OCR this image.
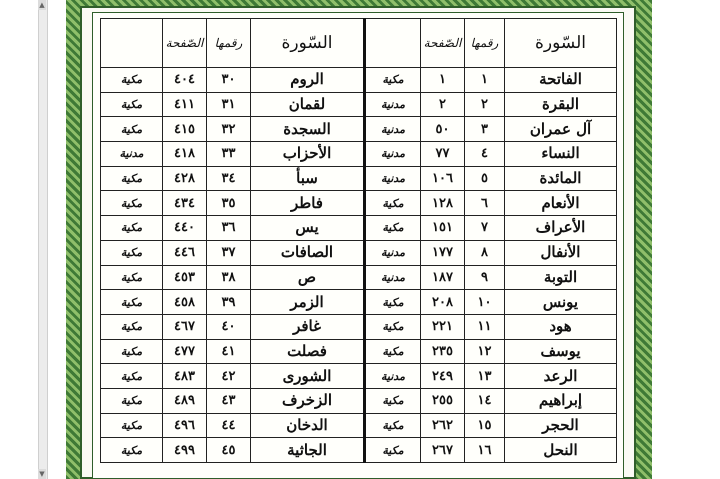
▲
▼
	الصّفحة	رقمها	السّورة		الصّفحة	رقمها	السّورة
مكية	٤٠٤	٣٠	الروم	مكية	١	١	الفاتحة
مكية	٤١١	٣١	لقمان	مدنية	٢	٢	البقرة
مكية	٤١٥	٣٢	السجدة	مدنية	٥٠	٣	آل عمران
مدنية	٤١٨	٣٣	الأحزاب	مدنية	٧٧	٤	النساء
مكية	٤٢٨	٣٤	سبأ	مدنية	١٠٦	٥	المائدة
مكية	٤٣٤	٣٥	فاطر	مكية	١٢٨	٦	الأنعام
مكية	٤٤٠	٣٦	يس	مكية	١٥١	٧	الأعراف
مكية	٤٤٦	٣٧	الصافات	مدنية	١٧٧	٨	الأنفال
مكية	٤٥٣	٣٨	ص	مدنية	١٨٧	٩	التوبة
مكية	٤٥٨	٣٩	الزمر	مكية	٢٠٨	١٠	يونس
مكية	٤٦٧	٤٠	غافر	مكية	٢٢١	١١	هود
مكية	٤٧٧	٤١	فصلت	مكية	٢٣٥	١٢	يوسف
مكية	٤٨٣	٤٢	الشورى	مدنية	٢٤٩	١٣	الرعد
مكية	٤٨٩	٤٣	الزخرف	مكية	٢٥٥	١٤	إبراهيم
مكية	٤٩٦	٤٤	الدخان	مكية	٢٦٢	١٥	الحجر
مكية	٤٩٩	٤٥	الجاثية	مكية	٢٦٧	١٦	النحل
